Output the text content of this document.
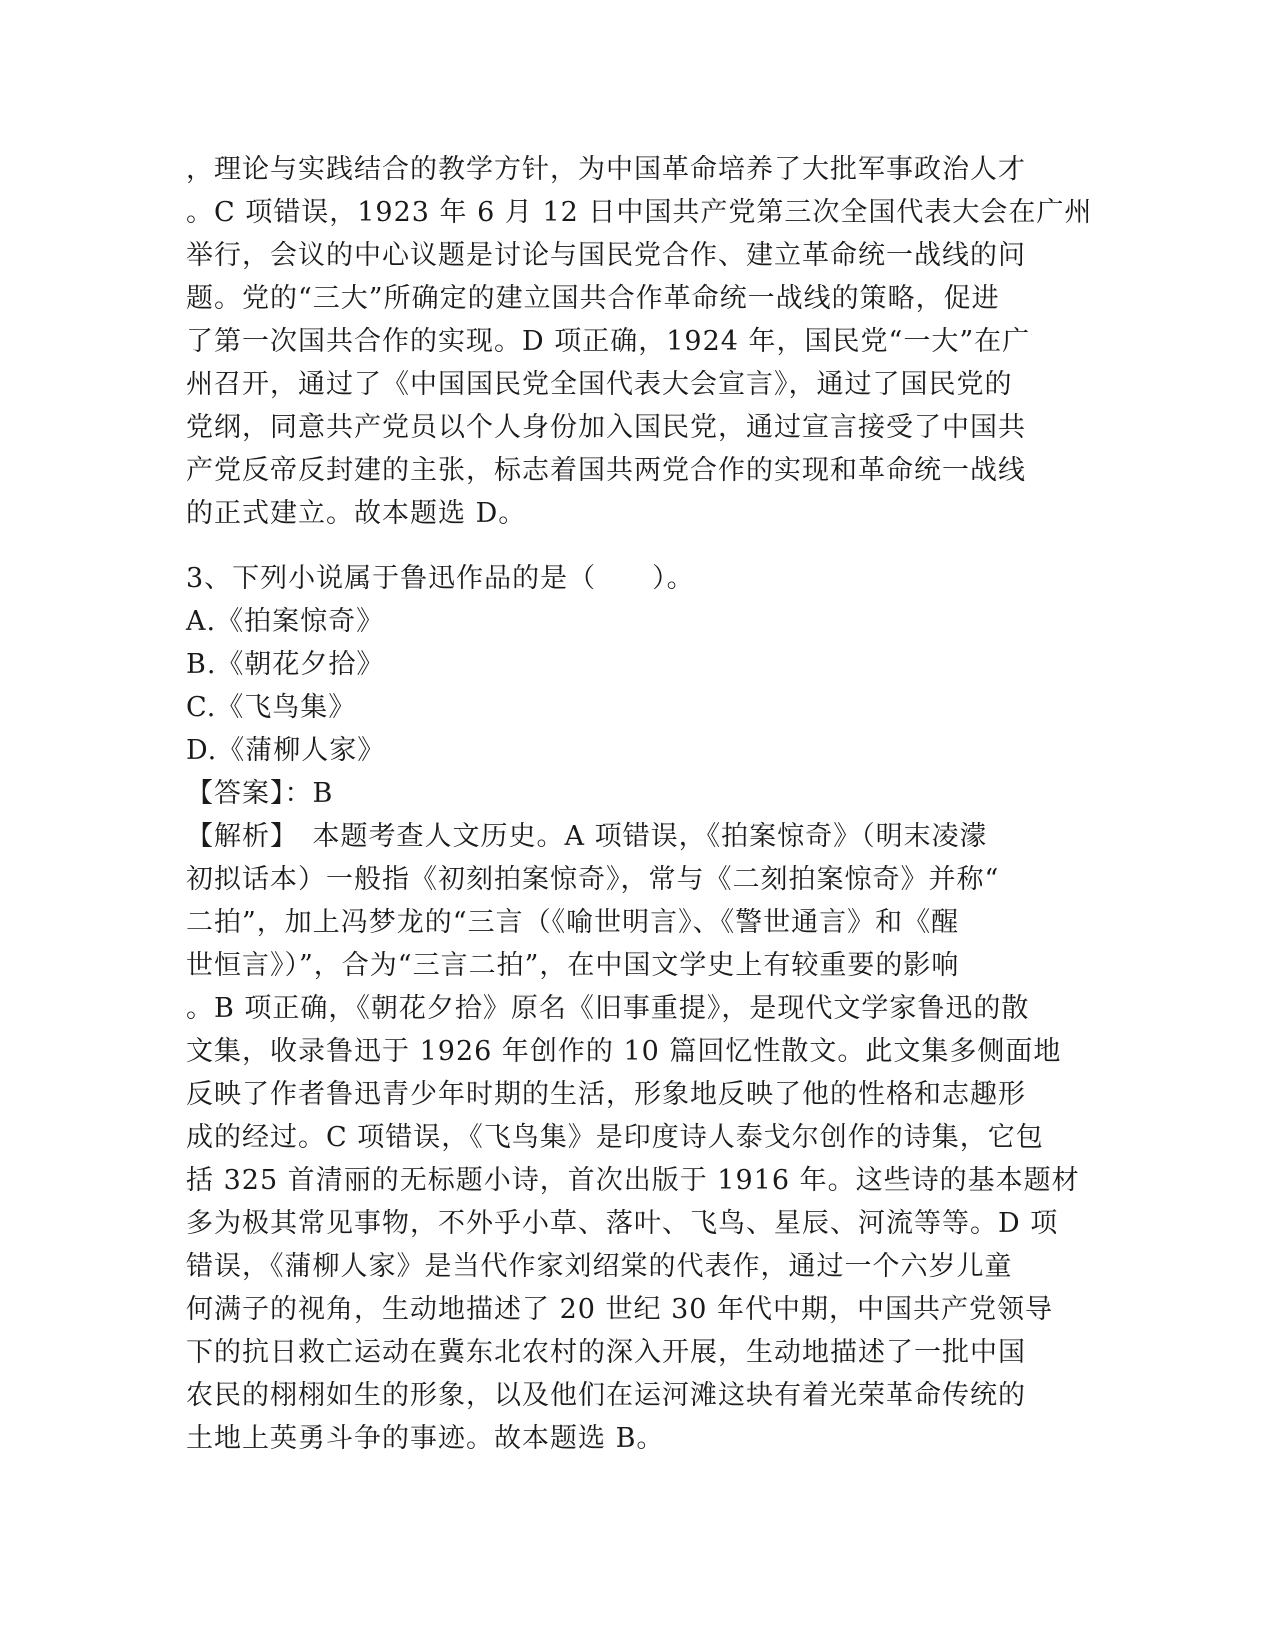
，理论与实践结合的教学方针，为中国革命培养了大批军事政治人才
。C 项错误，1923 年 6 月 12 日中国共产党第三次全国代表大会在广州
举行，会议的中心议题是讨论与国民党合作、建立革命统一战线的问
题。党的“三大”所确定的建立国共合作革命统一战线的策略，促进
了第一次国共合作的实现。D 项正确，1924 年，国民党“一大”在广
州召开，通过了《中国国民党全国代表大会宣言》，通过了国民党的
党纲，同意共产党员以个人身份加入国民党，通过宣言接受了中国共
产党反帝反封建的主张，标志着国共两党合作的实现和革命统一战线
的正式建立。故本题选 D。
3、下列小说属于鲁迅作品的是（　　）。
A.《拍案惊奇》
B.《朝花夕拾》
C.《飞鸟集》
D.《蒲柳人家》
【答案】：B
【解析】　本题考查人文历史。A 项错误，《拍案惊奇》（明末凌濛
初拟话本）一般指《初刻拍案惊奇》，常与《二刻拍案惊奇》并称“
二拍”，加上冯梦龙的“三言（《喻世明言》、《警世通言》和《醒
世恒言》）”，合为“三言二拍”，在中国文学史上有较重要的影响
。B 项正确，《朝花夕拾》原名《旧事重提》，是现代文学家鲁迅的散
文集，收录鲁迅于 1926 年创作的 10 篇回忆性散文。此文集多侧面地
反映了作者鲁迅青少年时期的生活，形象地反映了他的性格和志趣形
成的经过。C 项错误，《飞鸟集》是印度诗人泰戈尔创作的诗集，它包
括 325 首清丽的无标题小诗，首次出版于 1916 年。这些诗的基本题材
多为极其常见事物，不外乎小草、落叶、飞鸟、星辰、河流等等。D 项
错误，《蒲柳人家》是当代作家刘绍棠的代表作，通过一个六岁儿童
何满子的视角，生动地描述了 20 世纪 30 年代中期，中国共产党领导
下的抗日救亡运动在冀东北农村的深入开展，生动地描述了一批中国
农民的栩栩如生的形象，以及他们在运河滩这块有着光荣革命传统的
土地上英勇斗争的事迹。故本题选 B。
